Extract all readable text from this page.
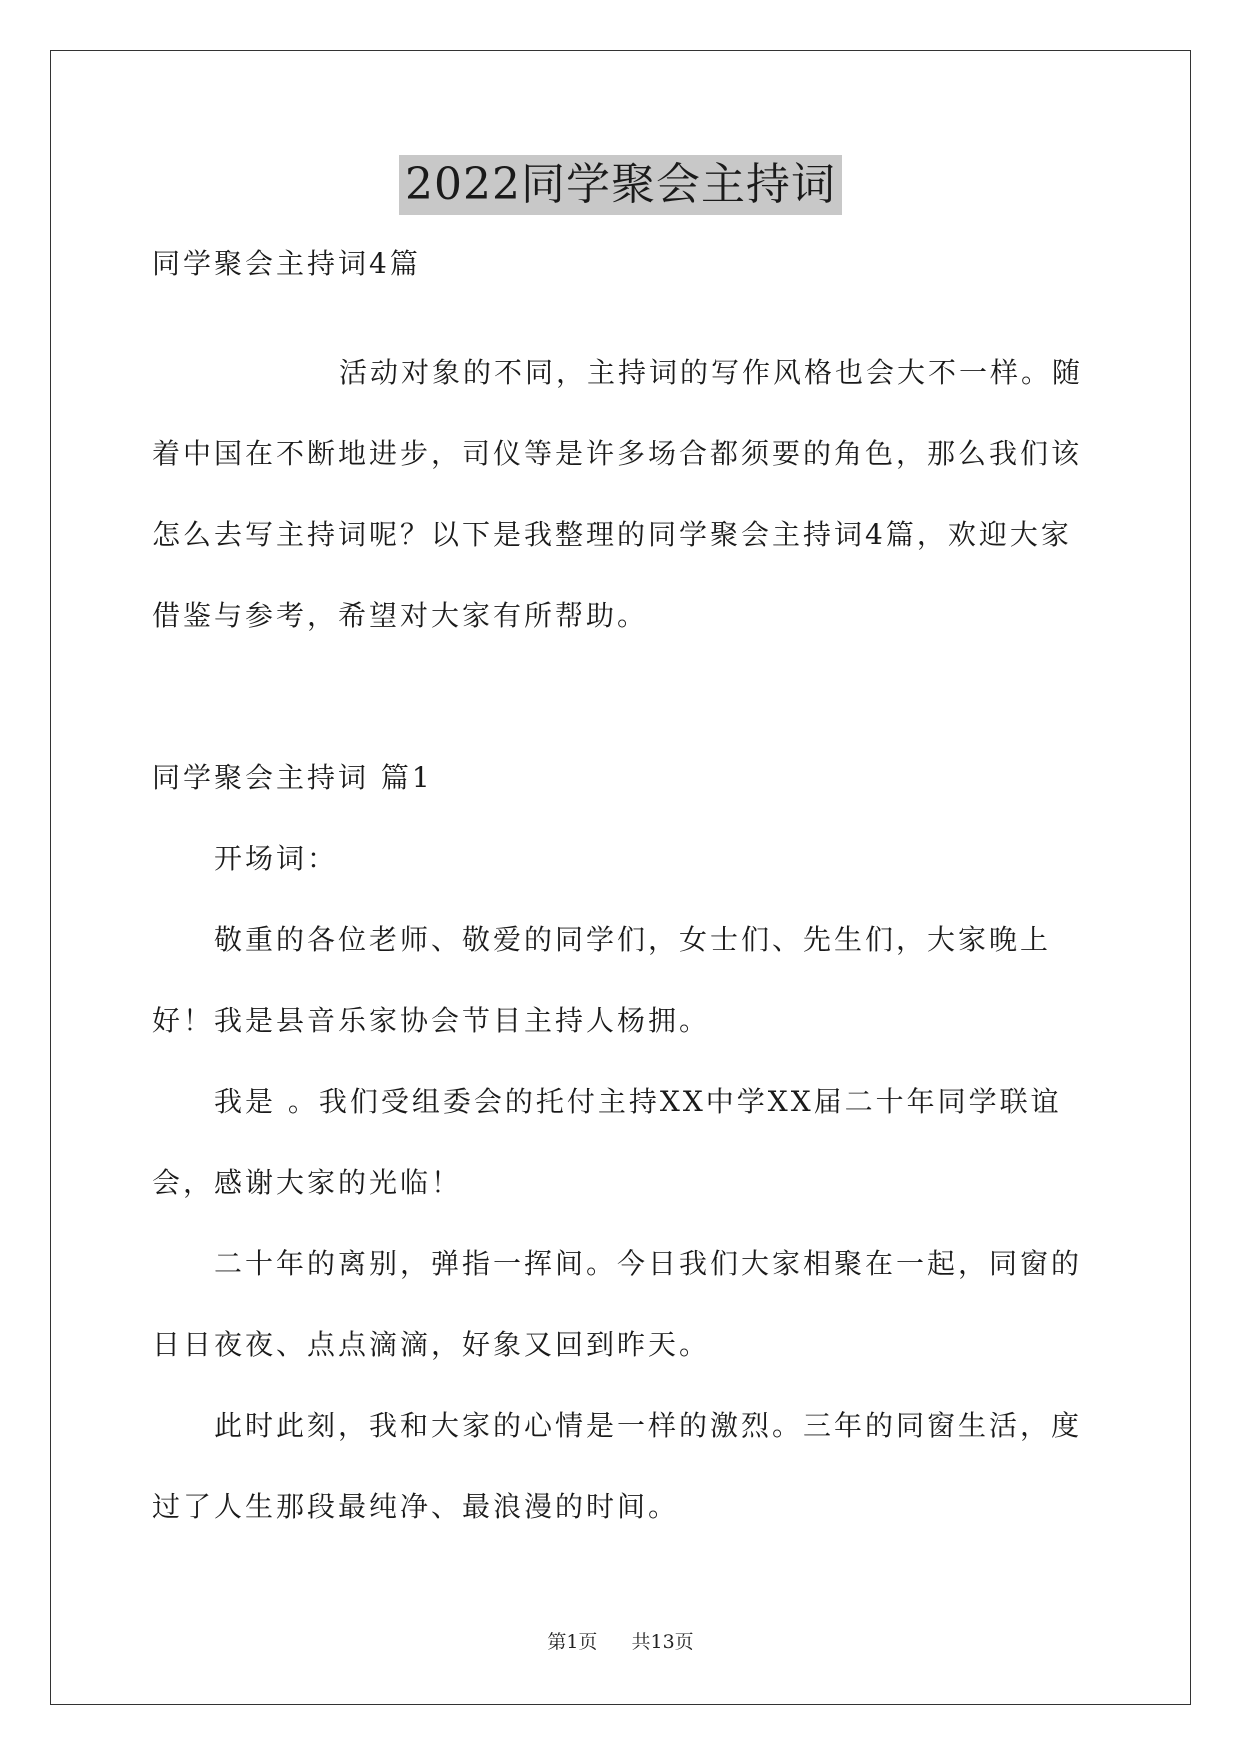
2022同学聚会主持词
同学聚会主持词4篇
活动对象的不同，主持词的写作风格也会大不一样。随着中国在不断地进步，司仪等是许多场合都须要的角色，那么我们该怎么去写主持词呢？以下是我整理的同学聚会主持词4篇，欢迎大家借鉴与参考，希望对大家有所帮助。
同学聚会主持词 篇1

开场词：

敬重的各位老师、敬爱的同学们，女士们、先生们，大家晚上好！我是县音乐家协会节目主持人杨拥。

我是 。我们受组委会的托付主持XX中学XX届二十年同学联谊会，感谢大家的光临！

二十年的离别，弹指一挥间。今日我们大家相聚在一起，同窗的日日夜夜、点点滴滴，好象又回到昨天。

此时此刻，我和大家的心情是一样的激烈。三年的同窗生活，度过了人生那段最纯净、最浪漫的时间。

第1页 共13页
